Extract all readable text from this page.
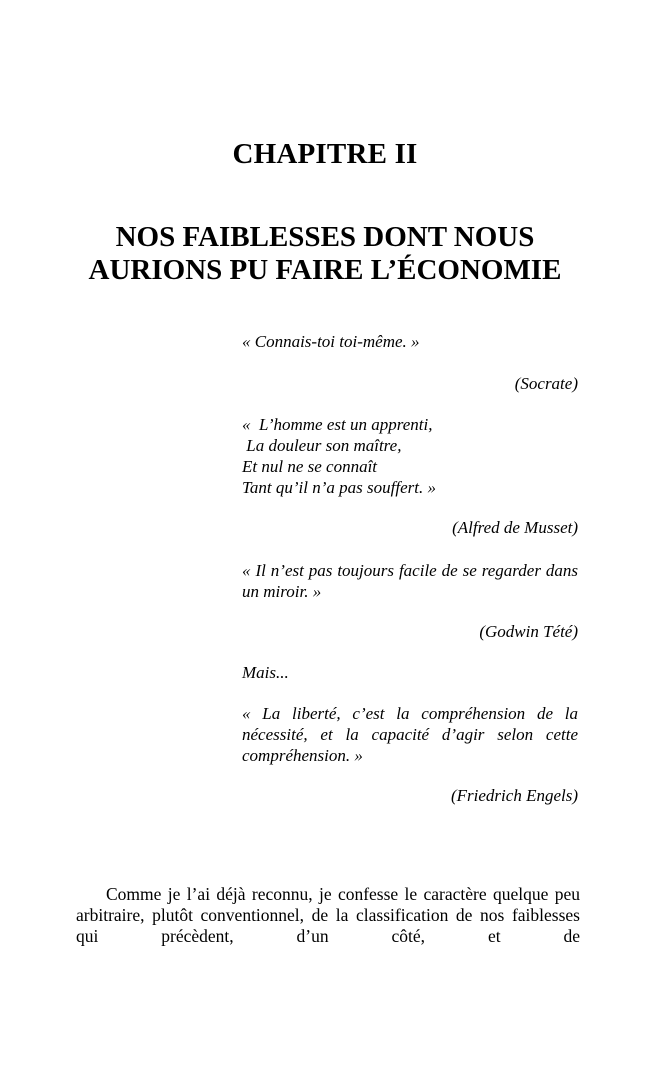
CHAPITRE II
NOS FAIBLESSES DONT NOUS
AURIONS PU FAIRE L’ÉCONOMIE
« Connais-toi toi-même. »
(Socrate)
«  L’homme est un apprenti,
La douleur son maître,
Et nul ne se connaît
Tant qu’il n’a pas souffert. »
(Alfred de Musset)
« Il n’est pas toujours facile de se regarder dans un miroir. »
(Godwin Tété)
Mais...
« La liberté, c’est la compréhension de la nécessité, et la capacité d’agir selon cette compréhension. »
(Friedrich Engels)
Comme je l’ai déjà reconnu, je confesse le caractère quelque peu arbitraire, plutôt conventionnel, de la classification de nos faiblesses qui précèdent, d’un côté, et de
